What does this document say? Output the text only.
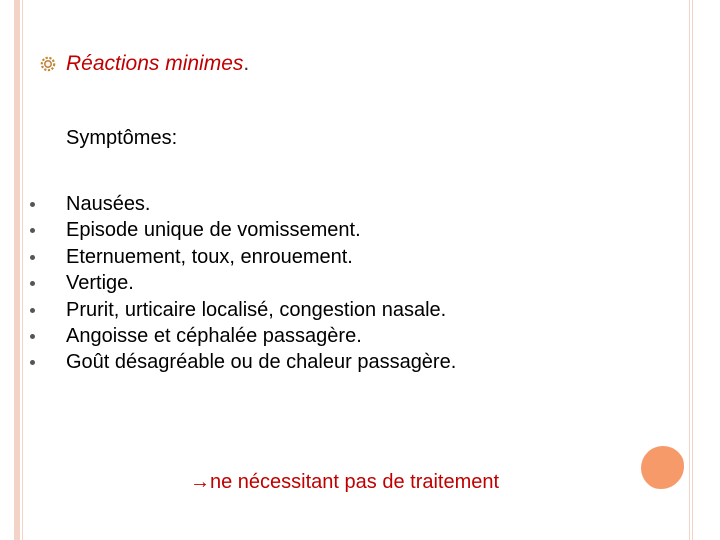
Réactions minimes.
Symptômes:
Nausées.
Episode unique de vomissement.
Eternuement, toux, enrouement.
Vertige.
Prurit, urticaire localisé, congestion nasale.
Angoisse et céphalée passagère.
Goût désagréable ou de chaleur passagère.
→ne nécessitant pas de traitement
